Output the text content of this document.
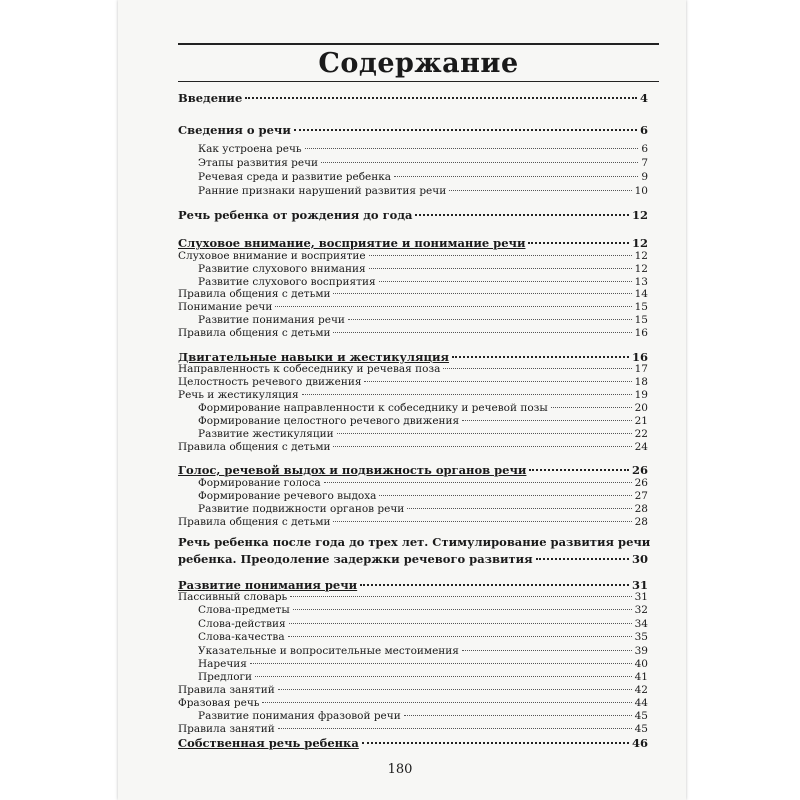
Содержание
Введение	4
Сведения о речи	6
Как устроена речь	6
Этапы развития речи	7
Речевая среда и развитие ребенка	9
Ранние признаки нарушений развития речи	10
Речь ребенка от рождения до года	12
Слуховое внимание, восприятие и понимание речи	12
Слуховое внимание и восприятие	12
Развитие слухового внимания	12
Развитие слухового восприятия	13
Правила общения с детьми	14
Понимание речи	15
Развитие понимания речи	15
Правила общения с детьми	16
Двигательные навыки и жестикуляция	16
Направленность к собеседнику и речевая поза	17
Целостность речевого движения	18
Речь и жестикуляция	19
Формирование направленности к собеседнику и речевой позы	20
Формирование целостного речевого движения	21
Развитие жестикуляции	22
Правила общения с детьми	24
Голос, речевой выдох и подвижность органов речи	26
Формирование голоса	26
Формирование речевого выдоха	27
Развитие подвижности органов речи	28
Правила общения с детьми	28
Речь ребенка после года до трех лет. Стимулирование развития речи
ребенка. Преодоление задержки речевого развития	30
Развитие понимания речи	31
Пассивный словарь	31
Слова-предметы	32
Слова-действия	34
Слова-качества	35
Указательные и вопросительные местоимения	39
Наречия	40
Предлоги	41
Правила занятий	42
Фразовая речь	44
Развитие понимания фразовой речи	45
Правила занятий	45
Собственная речь ребенка	46
180
